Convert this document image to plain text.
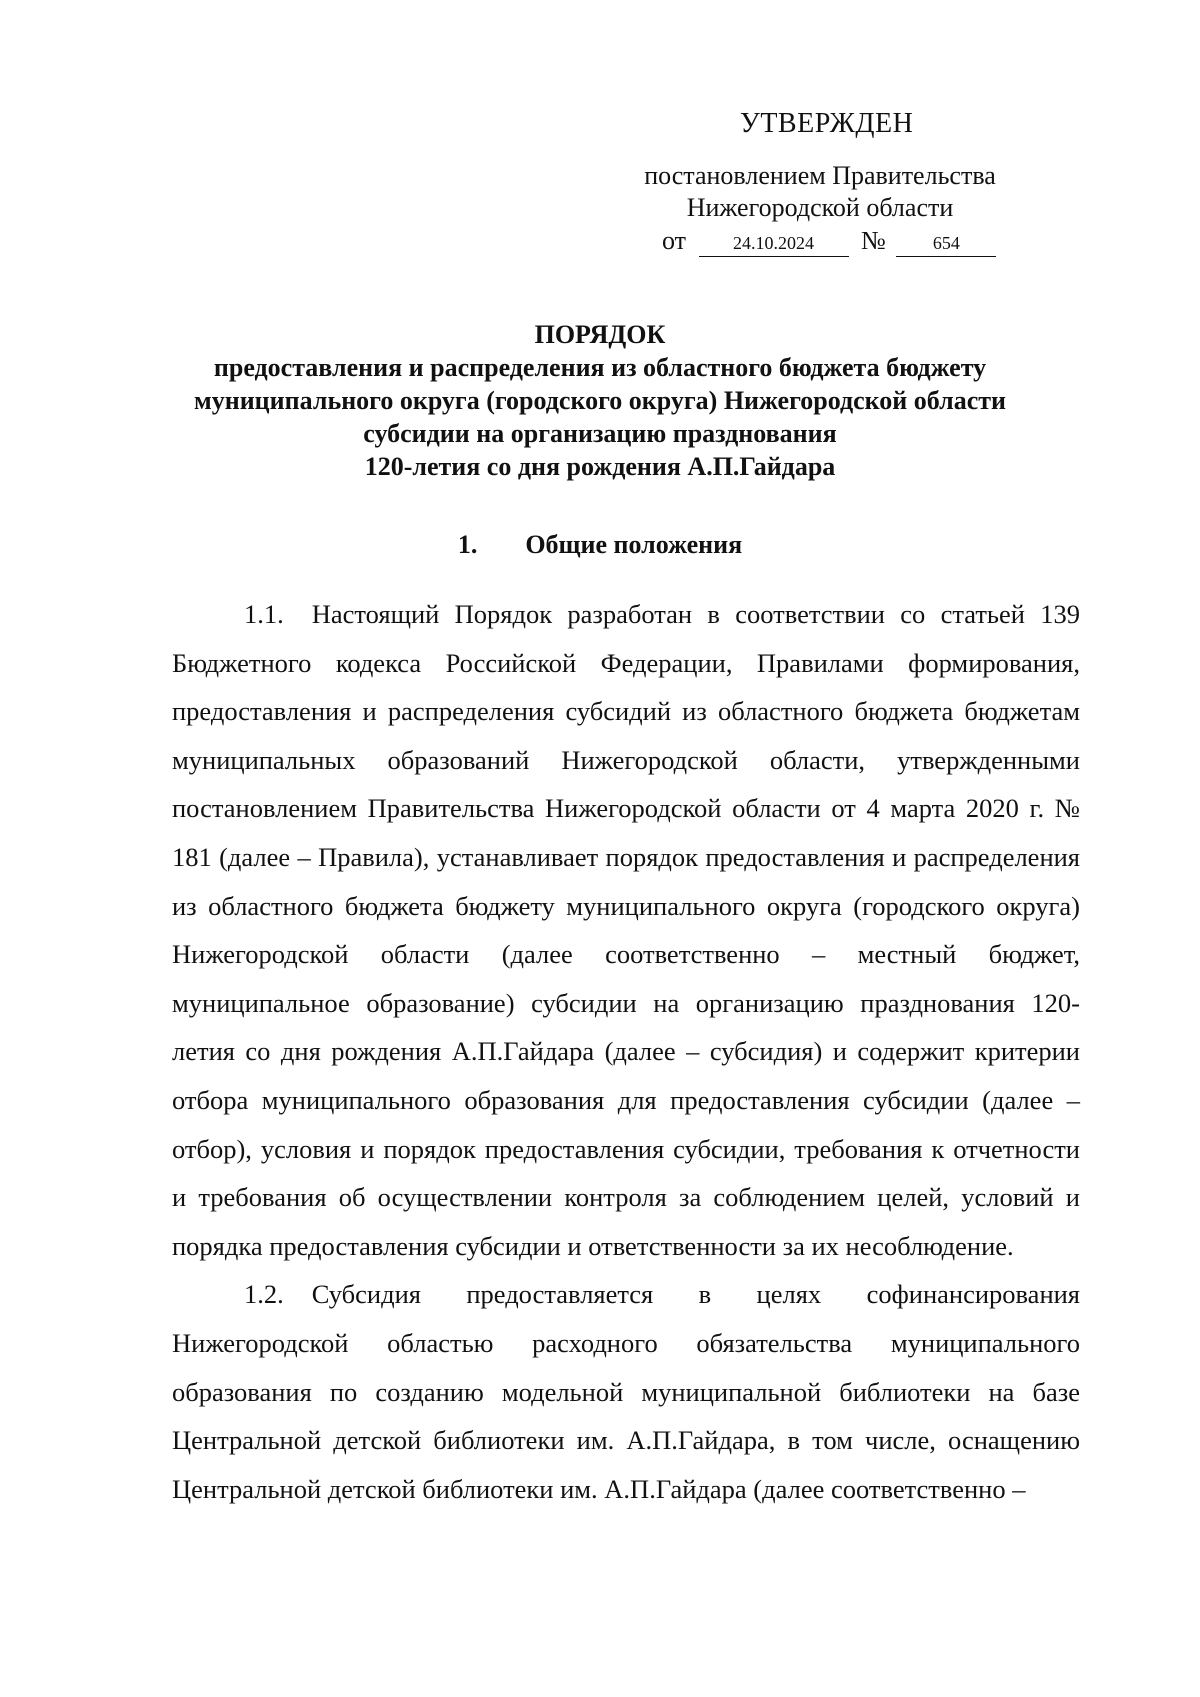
УТВЕРЖДЕН
постановлением Правительства
Нижегородской области
от	24.10.2024 №	654
ПОРЯДОК
предоставления и распределения из областного бюджета бюджету
муниципального округа (городского округа) Нижегородской области
субсидии на организацию празднования
120-летия со дня рождения А.П.Гайдара
1. Общие положения

1.1. Настоящий Порядок разработан в соответствии со статьей 139 Бюджетного кодекса Российской Федерации, Правилами формирования, предоставления и распределения субсидий из областного бюджета бюджетам муниципальных образований Нижегородской области, утвержденными постановлением Правительства Нижегородской области от 4 марта 2020 г. № 181 (далее – Правила), устанавливает порядок предоставления и распределения из областного бюджета бюджету муниципального округа (городского округа) Нижегородской области (далее соответственно – местный бюджет, муниципальное образование) субсидии на организацию празднования 120-летия со дня рождения А.П.Гайдара (далее – субсидия) и содержит критерии отбора муниципального образования для предоставления субсидии (далее – отбор), условия и порядок предоставления субсидии, требования к отчетности и требования об осуществлении контроля за соблюдением целей, условий и порядка предоставления субсидии и ответственности за их несоблюдение.

1.2. Субсидия предоставляется в целях софинансирования Нижегородской областью расходного обязательства муниципального образования по созданию модельной муниципальной библиотеки на базе Центральной детской библиотеки им. А.П.Гайдара, в том числе, оснащению Центральной детской библиотеки им. А.П.Гайдара (далее соответственно –
